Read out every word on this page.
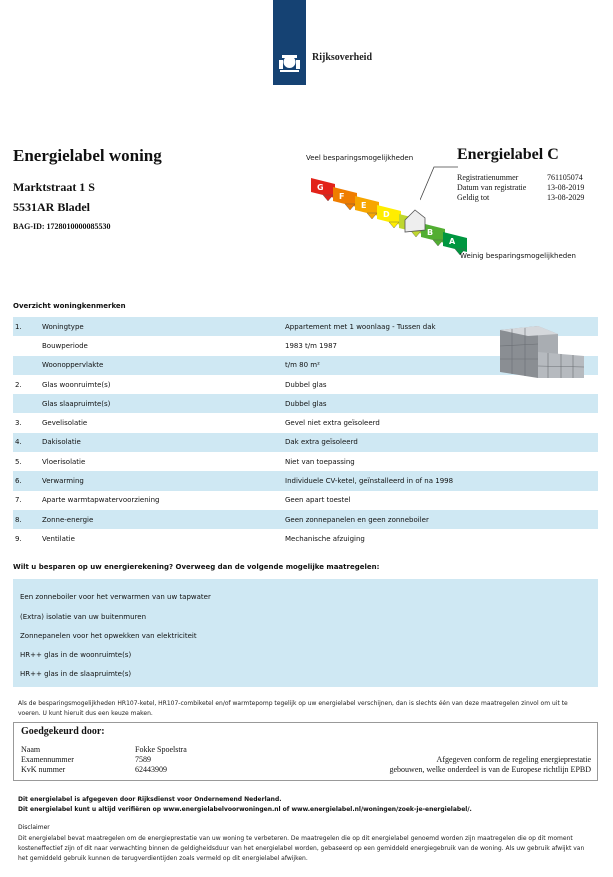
Rijksoverheid
Energielabel woning
Marktstraat 1 S
5531AR Bladel
BAG-ID: 1728010000085530
Veel besparingsmogelijkheden
G
F
E
D
B
A
Weinig besparingsmogelijkheden
Energielabel C
Registratienummer	761105074
Datum van registratie	13-08-2019
Geldig tot	13-08-2029
Overzicht woningkenmerken
1.	Woningtype	Appartement met 1 woonlaag - Tussen dak
Bouwperiode	1983 t/m 1987
Woonoppervlakte	t/m 80 m²
2.	Glas woonruimte(s)	Dubbel glas
Glas slaapruimte(s)	Dubbel glas
3.	Gevelisolatie	Gevel niet extra geïsoleerd
4.	Dakisolatie	Dak extra geïsoleerd
5.	Vloerisolatie	Niet van toepassing
6.	Verwarming	Individuele CV-ketel, geïnstalleerd in of na 1998
7.	Aparte warmtapwatervoorziening	Geen apart toestel
8.	Zonne-energie	Geen zonnepanelen en geen zonneboiler
9.	Ventilatie	Mechanische afzuiging
Wilt u besparen op uw energierekening? Overweeg dan de volgende mogelijke maatregelen:
Een zonneboiler voor het verwarmen van uw tapwater
(Extra) isolatie van uw buitenmuren
Zonnepanelen voor het opwekken van elektriciteit
HR++ glas in de woonruimte(s)
HR++ glas in de slaapruimte(s)
Als de besparingsmogelijkheden HR107-ketel, HR107-combiketel en/of warmtepomp tegelijk op uw energielabel verschijnen, dan is slechts één van deze maatregelen zinvol om uit te voeren. U kunt hieruit dus een keuze maken.
Goedgekeurd door:
Naam	Fokke Spoelstra
Examennummer	7589
KvK nummer	62443909
Afgegeven conform de regeling energieprestatie
gebouwen, welke onderdeel is van de Europese richtlijn EPBD
Dit energielabel is afgegeven door Rijksdienst voor Ondernemend Nederland.
Dit energielabel kunt u altijd verifiëren op www.energielabelvoorwoningen.nl of www.energielabel.nl/woningen/zoek-je-energielabel/.
Disclaimer
Dit energielabel bevat maatregelen om de energieprestatie van uw woning te verbeteren. De maatregelen die op dit energielabel genoemd worden zijn maatregelen die op dit moment kosteneffectief zijn of dit naar verwachting binnen de geldigheidsduur van het energielabel worden, gebaseerd op een gemiddeld energiegebruik van de woning. Als uw gebruik afwijkt van het gemiddeld gebruik kunnen de terugverdientijden zoals vermeld op dit energielabel afwijken.
